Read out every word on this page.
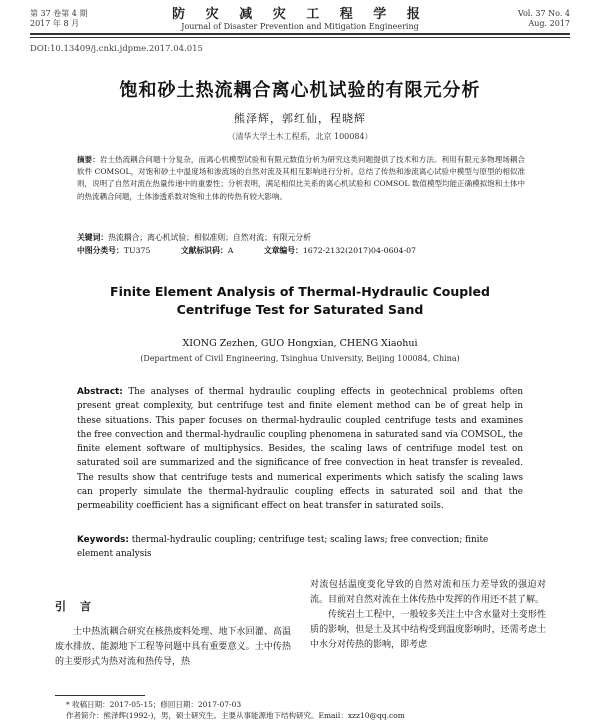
第 37 卷第 4 期
2017 年 8 月
防 灾 减 灾 工 程 学 报
Journal of Disaster Prevention and Mitigation Engineering
Vol. 37 No. 4
Aug. 2017
DOI:10.13409/j.cnki.jdpme.2017.04.015
饱和砂土热流耦合离心机试验的有限元分析
熊泽辉，郭红仙，程晓辉
（清华大学土木工程系，北京 100084）
摘要：岩土热流耦合问题十分复杂，而离心机模型试验和有限元数值分析为研究这类问题提供了技术和方法。利用有限元多物理场耦合软件 COMSOL，对饱和砂土中温度场和渗流场的自然对流及其相互影响进行分析。总结了传热和渗流离心试验中模型与原型的相似准则，说明了自然对流在热量传递中的重要性；分析表明，满足相似比关系的离心机试验和 COMSOL 数值模型均能正确模拟饱和土体中的热流耦合问题，土体渗透系数对饱和土体的传热有较大影响。
关键词：热流耦合；离心机试验；相似准则；自然对流；有限元分析
中图分类号：TU375	文献标识码：A	文章编号：1672-2132(2017)04-0604-07
Finite Element Analysis of Thermal-Hydraulic Coupled Centrifuge Test for Saturated Sand
XIONG Zezhen, GUO Hongxian, CHENG Xiaohui
(Department of Civil Engineering, Tsinghua University, Beijing 100084, China)
Abstract: The analyses of thermal hydraulic coupling effects in geotechnical problems often present great complexity, but centrifuge test and finite element method can be of great help in these situations. This paper focuses on thermal-hydraulic coupled centrifuge tests and examines the free convection and thermal-hydraulic coupling phenomena in saturated sand via COMSOL, the finite element software of multiphysics. Besides, the scaling laws of centrifuge model test on saturated soil are summarized and the significance of free convection in heat transfer is revealed. The results show that centrifuge tests and numerical experiments which satisfy the scaling laws can properly simulate the thermal-hydraulic coupling effects in saturated soil and that the permeability coefficient has a significant effect on heat transfer in saturated soils.
Keywords: thermal-hydraulic coupling; centrifuge test; scaling laws; free convection; finite element analysis
引言

土中热流耦合研究在核热废料处理、地下水回灌、高温废水排放、能源地下工程等问题中具有重要意义。土中传热的主要形式为热对流和热传导，热

对流包括温度变化导致的自然对流和压力差导致的强迫对流。目前对自然对流在土体传热中发挥的作用还不甚了解。

传统岩土工程中，一般较多关注土中含水量对土变形性质的影响，但是土及其中结构受到温度影响时，还需考虑土中水分对传热的影响，即考虑

* 收稿日期：2017-05-15；修回日期：2017-07-03
作者简介：熊泽辉(1992-)，男，硕士研究生。主要从事能源地下结构研究。Email：xzz10@qq.com
